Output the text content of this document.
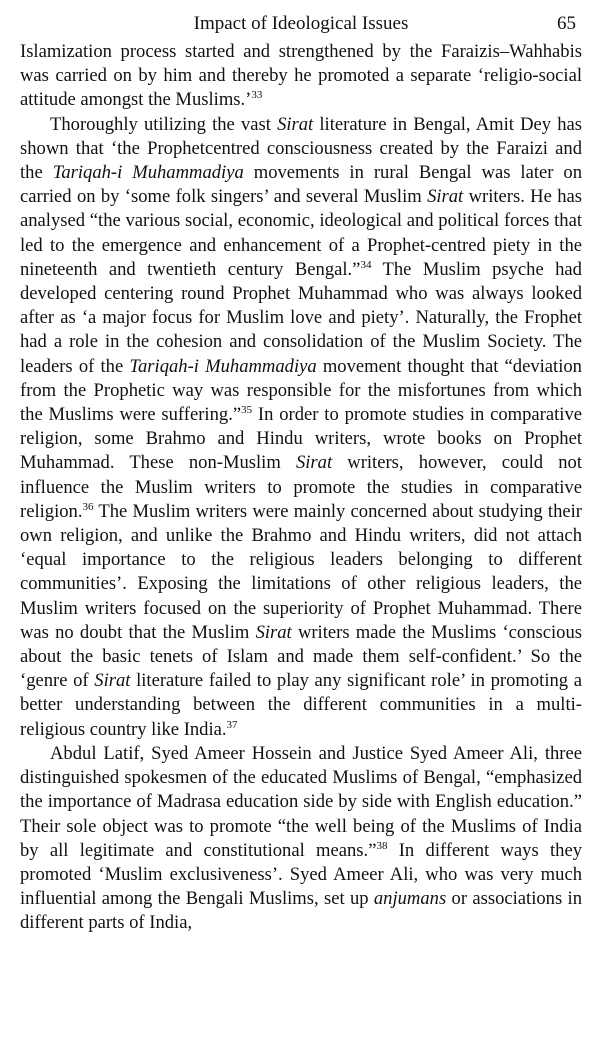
Impact of Ideological Issues	65

Islamization process started and strengthened by the Faraizis–Wahhabis was carried on by him and thereby he promoted a separate ‘religio-social attitude amongst the Muslims.’$^{33}$

Thoroughly utilizing the vast Sirat literature in Bengal, Amit Dey has shown that ‘the Prophetcentred consciousness created by the Faraizi and the Tariqah-i Muhammadiya movements in rural Bengal was later on carried on by ‘some folk singers’ and several Muslim Sirat writers. He has analysed “the various social, economic, ideological and political forces that led to the emergence and enhancement of a Prophet-centred piety in the nineteenth and twentieth century Bengal.”$^{34}$ The Muslim psyche had developed centering round Prophet Muhammad who was always looked after as ‘a major focus for Muslim love and piety’. Naturally, the Frophet had a role in the cohesion and consolidation of the Muslim Society. The leaders of the Tariqah-i Muhammadiya movement thought that “deviation from the Prophetic way was responsible for the misfortunes from which the Muslims were suffering.”$^{35}$ In order to promote studies in comparative religion, some Brahmo and Hindu writers, wrote books on Prophet Muhammad. These non-Muslim Sirat writers, however, could not influence the Muslim writers to promote the studies in comparative religion.$^{36}$ The Muslim writers were mainly concerned about studying their own religion, and unlike the Brahmo and Hindu writers, did not attach ‘equal importance to the religious leaders belonging to different communities’. Exposing the limitations of other religious leaders, the Muslim writers focused on the superiority of Prophet Muhammad. There was no doubt that the Muslim Sirat writers made the Muslims ‘conscious about the basic tenets of Islam and made them self-confident.’ So the ‘genre of Sirat literature failed to play any significant role’ in promoting a better understanding between the different communities in a multi-religious country like India.$^{37}$

Abdul Latif, Syed Ameer Hossein and Justice Syed Ameer Ali, three distinguished spokesmen of the educated Muslims of Bengal, “emphasized the importance of Madrasa education side by side with English education.” Their sole object was to promote “the well being of the Muslims of India by all legitimate and constitutional means.”$^{38}$ In different ways they promoted ‘Muslim exclusiveness’. Syed Ameer Ali, who was very much influential among the Bengali Muslims, set up anjumans or associations in different parts of India,
